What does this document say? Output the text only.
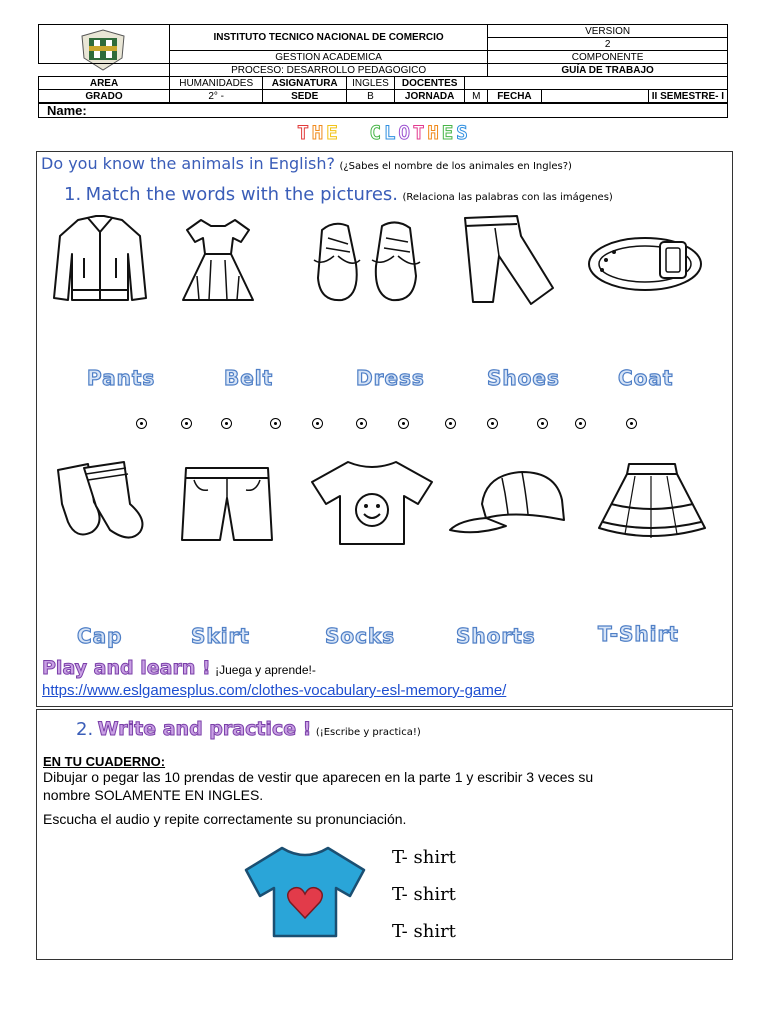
	INSTITUTO TECNICO NACIONAL DE COMERCIO					VERSION		
						2		
	GESTION ACADEMICA					COMPONENTE		
	PROCESO: DESARROLLO PEDAGOGICO					GUÍA DE TRABAJO		
AREA	HUMANIDADES	ASIGNATURA	INGLES	DOCENTES				
GRADO	2° -	SEDE	B	JORNADA	M	FECHA		II SEMESTRE- I
Name:
THE CLOTHES
Do you know the animals in English? (¿Sabes el nombre de los animales en Ingles?)
1. Match the words with the pictures. (Relaciona las palabras con las imágenes)
Pants	Belt	Dress	Shoes	Coat
Cap	Skirt	Socks	Shorts	T-Shirt
Play and learn ! ¡Juega y aprende!-
https://www.eslgamesplus.com/clothes-vocabulary-esl-memory-game/
2. Write and practice ! (¡Escribe y practica!)
EN TU CUADERNO:
Dibujar o pegar las 10 prendas de vestir que aparecen en la parte 1 y escribir 3 veces su
nombre SOLAMENTE EN INGLES.
Escucha el audio y repite correctamente su pronunciación.
T- shirt
T- shirt
T- shirt
